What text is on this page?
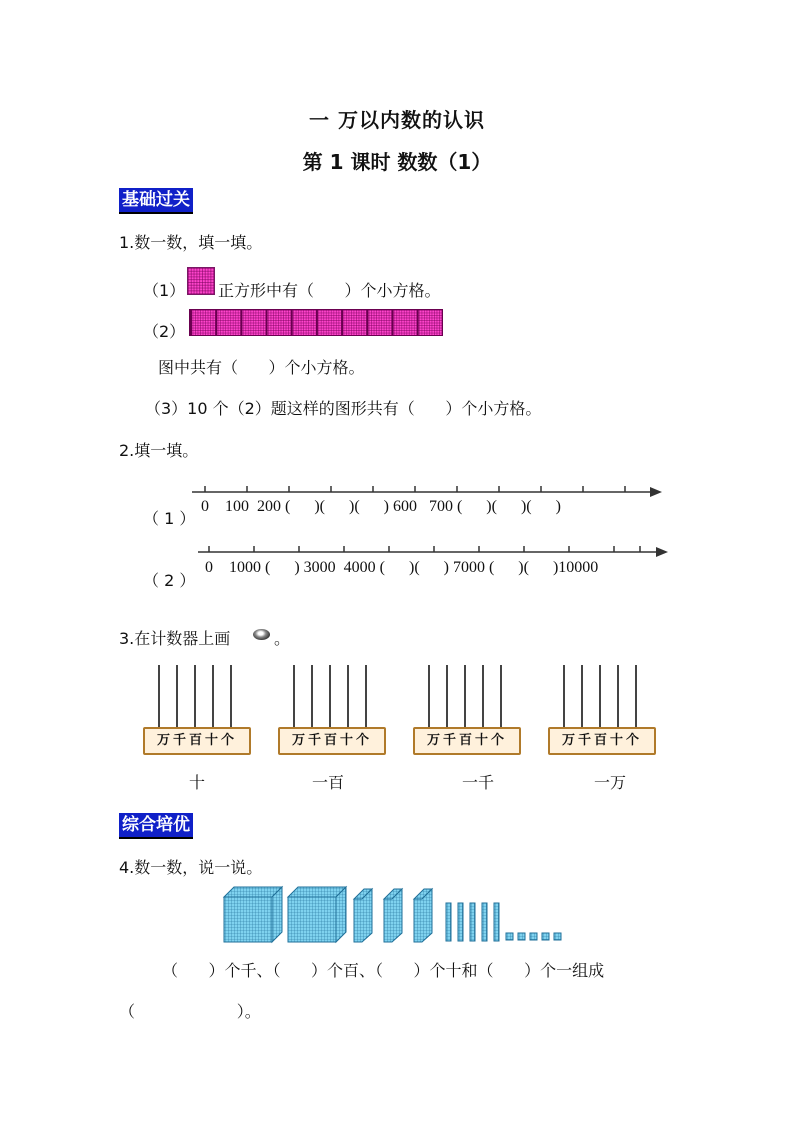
一 万以内数的认识
第 1 课时 数数（1）
基础过关
1.数一数，填一填。
（1） 正方形中有（      ）个小方格。
（2）
图中共有（      ）个小方格。
（3）10 个（2）题这样的图形共有（      ）个小方格。
2.填一填。
（ 1 ）
0    100  200 (      )(      )(      ) 600   700 (      )(      )(      )
（ 2 ）
0    1000 (      ) 3000  4000 (      )(      ) 7000 (      )(      )10000
3.在计数器上画	。
万千百十个	万千百十个	万千百十个	万千百十个
十	一百	一千	一万
综合培优
4.数一数，说一说。
（      ）个千、（      ）个百、（      ）个十和（      ）个一组成
（                    ）。
